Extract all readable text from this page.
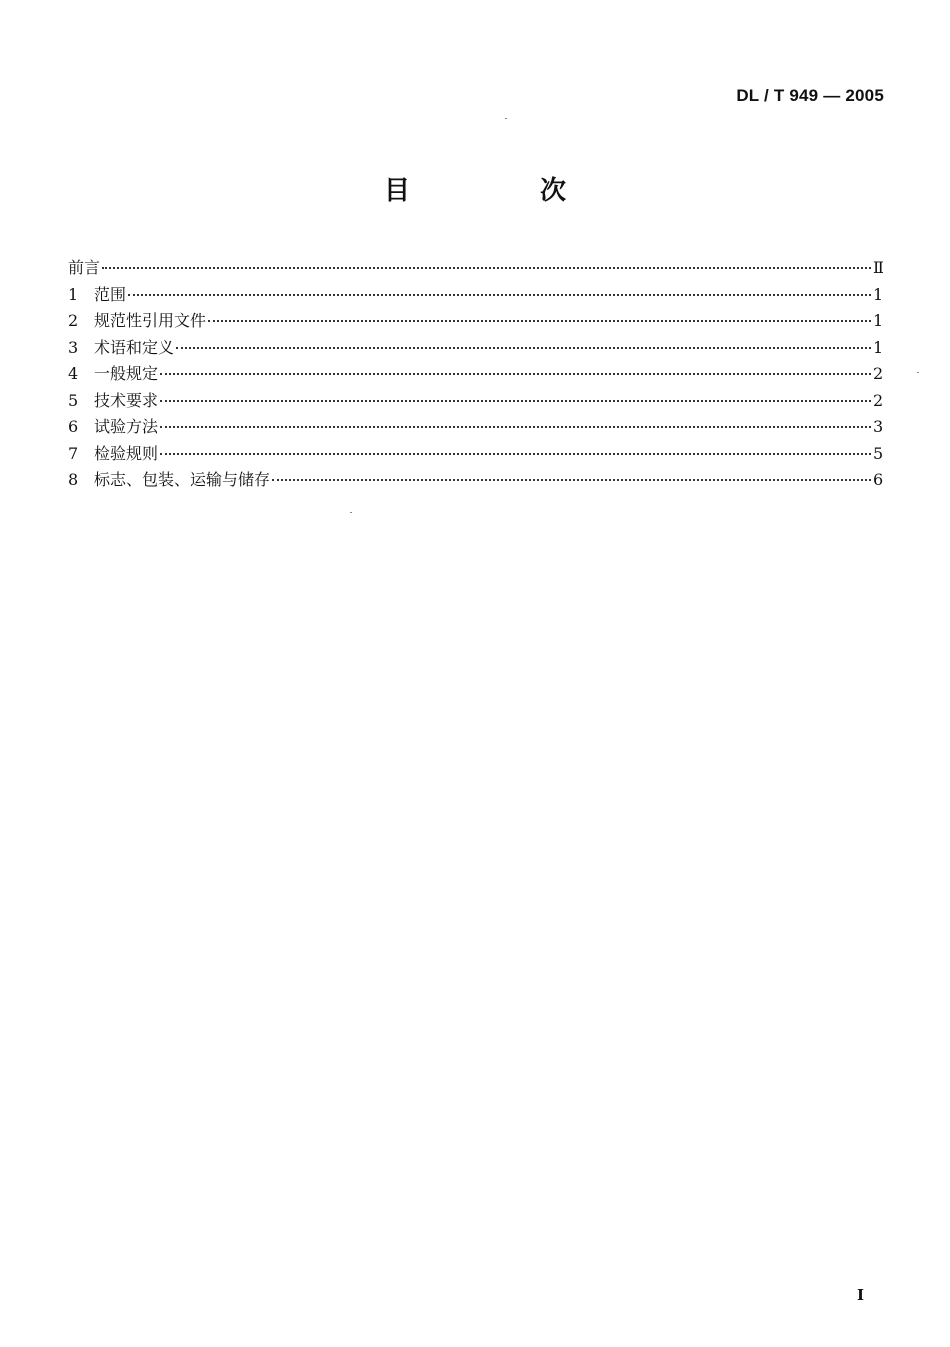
DL / T 949 — 2005
目　次
前言	Ⅱ
1 范围	1
2 规范性引用文件	1
3 术语和定义	1
4 一般规定	2
5 技术要求	2
6 试验方法	3
7 检验规则	5
8 标志、包装、运输与储存	6
I
